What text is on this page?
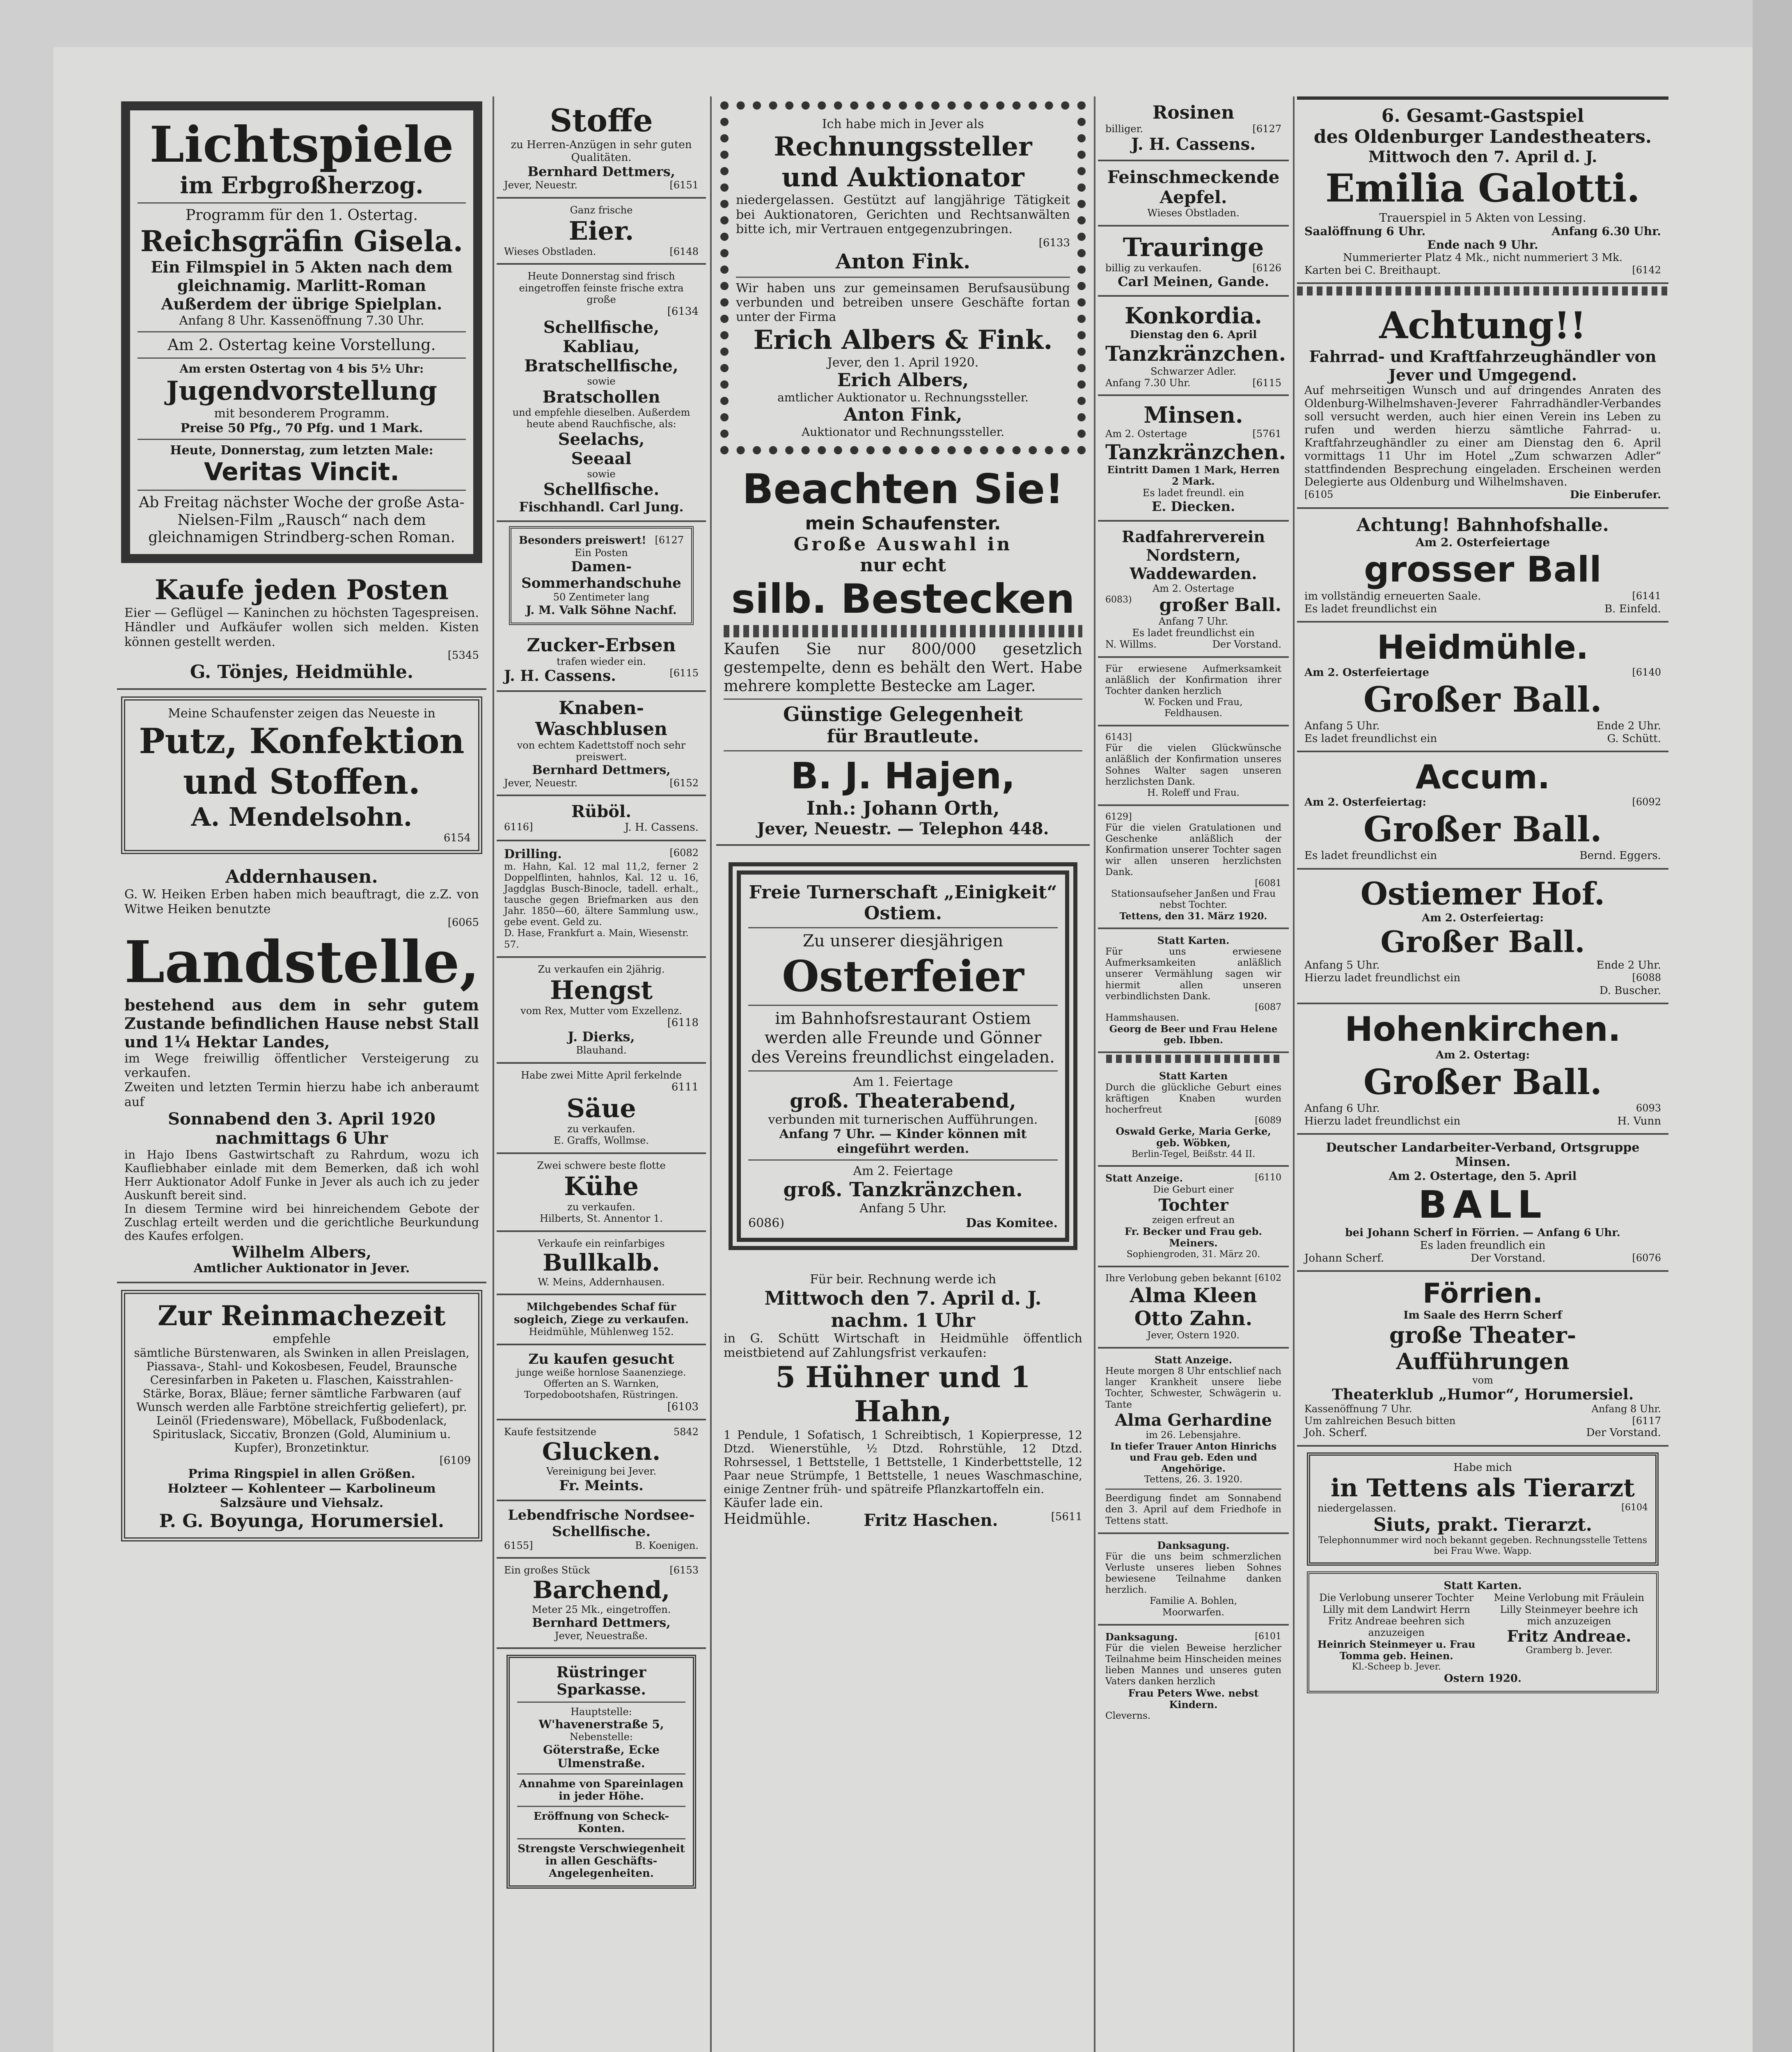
Lichtspiele
im Erbgroßherzog.
Programm für den 1. Ostertag.
Reichsgräfin Gisela.
Ein Filmspiel in 5 Akten nach dem gleichnamig. Marlitt-Roman
Außerdem der übrige Spielplan.
Anfang 8 Uhr. Kassenöffnung 7.30 Uhr.
Am 2. Ostertag keine Vorstellung.
Am ersten Ostertag von 4 bis 5½ Uhr:
Jugendvorstellung
mit besonderem Programm.
Preise 50 Pfg., 70 Pfg. und 1 Mark.
Heute, Donnerstag, zum letzten Male:
Veritas Vincit.
Ab Freitag nächster Woche der große Asta-Nielsen-Film „Rausch“ nach dem gleichnamigen Strindberg-schen Roman.
Kaufe jeden Posten
Eier — Geflügel — Kaninchen zu höchsten Tagespreisen. Händler und Aufkäufer wollen sich melden. Kisten können gestellt werden.
[5345
G. Tönjes, Heidmühle.
Meine Schaufenster zeigen das Neueste in
Putz, Konfektion
und Stoffen.
A. Mendelsohn.
6154
Addernhausen.
G. W. Heiken Erben haben mich beauftragt, die z.Z. von Witwe Heiken benutzte
[6065
Landstelle,
bestehend aus dem in sehr gutem Zustande befindlichen Hause nebst Stall und 1¼ Hektar Landes,
im Wege freiwillig öffentlicher Versteigerung zu verkaufen.
Zweiten und letzten Termin hierzu habe ich anberaumt auf
Sonnabend den 3. April 1920
nachmittags 6 Uhr
in Hajo Ibens Gastwirtschaft zu Rahrdum, wozu ich Kaufliebhaber einlade mit dem Bemerken, daß ich wohl Herr Auktionator Adolf Funke in Jever als auch ich zu jeder Auskunft bereit sind.
In diesem Termine wird bei hinreichendem Gebote der Zuschlag erteilt werden und die gerichtliche Beurkundung des Kaufes erfolgen.
Wilhelm Albers,
Amtlicher Auktionator in Jever.
Zur Reinmachezeit
empfehle
sämtliche Bürstenwaren, als Swinken in allen Preislagen, Piassava-, Stahl- und Kokosbesen, Feudel, Braunsche Ceresinfarben in Paketen u. Flaschen, Kaisstrahlen-Stärke, Borax, Bläue; ferner sämtliche Farbwaren (auf Wunsch werden alle Farbtöne streichfertig geliefert), pr. Leinöl (Friedensware), Möbellack, Fußbodenlack, Spirituslack, Siccativ, Bronzen (Gold, Aluminium u. Kupfer), Bronzetinktur.
[6109
Prima Ringspiel in allen Größen.
Holzteer — Kohlenteer — Karbolineum Salzsäure und Viehsalz.
P. G. Boyunga, Horumersiel.
Stoffe
zu Herren-Anzügen in sehr guten Qualitäten.
Bernhard Dettmers,
Jever, Neuestr.	[6151
Ganz frische
Eier.
Wieses Obstladen.	[6148
Heute Donnerstag sind frisch eingetroffen feinste frische extra große
[6134
Schellfische,
Kabliau,
Bratschellfische,
sowie
Bratschollen
und empfehle dieselben. Außerdem heute abend Rauchfische, als:
Seelachs,
Seeaal
sowie
Schellfische.
Fischhandl. Carl Jung.
Besonders preiswert! [6127
Ein Posten
Damen-Sommerhandschuhe
50 Zentimeter lang
J. M. Valk Söhne Nachf.
Zucker-Erbsen
trafen wieder ein.
J. H. Cassens.	[6115
Knaben-Waschblusen
von echtem Kadettstoff noch sehr preiswert.
Bernhard Dettmers,
Jever, Neuestr.	[6152
Rüböl.
6116]	J. H. Cassens.
Drilling.	[6082
m. Hahn, Kal. 12 mal 11,2, ferner 2 Doppelflinten, hahnlos, Kal. 12 u. 16, Jagdglas Busch-Binocle, tadell. erhalt., tausche gegen Briefmarken aus den Jahr. 1850—60, ältere Sammlung usw., gebe event. Geld zu.
D. Hase, Frankfurt a. Main, Wiesenstr. 57.
Zu verkaufen ein 2jährig.
Hengst
vom Rex, Mutter vom Exzellenz.
[6118
J. Dierks,
Blauhand.
Habe zwei Mitte April ferkelnde
6111
Säue
zu verkaufen.
E. Graffs, Wollmse.
Zwei schwere beste flotte
Kühe
zu verkaufen.
Hilberts, St. Annentor 1.
Verkaufe ein reinfarbiges
Bullkalb.
W. Meins, Addernhausen.
Milchgebendes Schaf für sogleich, Ziege zu verkaufen.
Heidmühle, Mühlenweg 152.
Zu kaufen gesucht
junge weiße hornlose Saanenziege. Offerten an S. Warnken, Torpedobootshafen, Rüstringen.
[6103
Kaufe festsitzende	5842
Glucken.
Vereinigung bei Jever.
Fr. Meints.
Lebendfrische Nordsee-Schellfische.
6155]	B. Koenigen.
Ein großes Stück	[6153
Barchend,
Meter 25 Mk., eingetroffen.
Bernhard Dettmers,
Jever, Neuestraße.
Rüstringer Sparkasse.
Hauptstelle:
W'havenerstraße 5,
Nebenstelle:
Göterstraße, Ecke Ulmenstraße.
Annahme von Spareinlagen in jeder Höhe.
Eröffnung von Scheck-Konten.
Strengste Verschwiegenheit in allen Geschäfts-Angelegenheiten.
Ich habe mich in Jever als
Rechnungssteller
und Auktionator
niedergelassen. Gestützt auf langjährige Tätigkeit bei Auktionatoren, Gerichten und Rechtsanwälten bitte ich, mir Vertrauen entgegenzubringen.
[6133
Anton Fink.
Wir haben uns zur gemeinsamen Berufsausübung verbunden und betreiben unsere Geschäfte fortan unter der Firma
Erich Albers & Fink.
Jever, den 1. April 1920.
Erich Albers,
amtlicher Auktionator u. Rechnungssteller.
Anton Fink,
Auktionator und Rechnungssteller.
Beachten Sie!
mein Schaufenster.
Große Auswahl in
nur echt
silb. Bestecken
Kaufen Sie nur 800/000 gesetzlich gestempelte, denn es behält den Wert. Habe mehrere komplette Bestecke am Lager.
Günstige Gelegenheit
für Brautleute.
B. J. Hajen,
Inh.: Johann Orth,
Jever, Neuestr. — Telephon 448.
Freie Turnerschaft „Einigkeit“ Ostiem.
Zu unserer diesjährigen
Osterfeier
im Bahnhofsrestaurant Ostiem werden alle Freunde und Gönner des Vereins freundlichst eingeladen.
Am 1. Feiertage
groß. Theaterabend,
verbunden mit turnerischen Aufführungen.
Anfang 7 Uhr. — Kinder können mit eingeführt werden.
Am 2. Feiertage
groß. Tanzkränzchen.
Anfang 5 Uhr.
6086)	Das Komitee.
Für beir. Rechnung werde ich
Mittwoch den 7. April d. J.
nachm. 1 Uhr
in G. Schütt Wirtschaft in Heidmühle öffentlich meistbietend auf Zahlungsfrist verkaufen:
5 Hühner und 1 Hahn,
1 Pendule, 1 Sofatisch, 1 Schreibtisch, 1 Kopierpresse, 12 Dtzd. Wienerstühle, ½ Dtzd. Rohrstühle, 12 Dtzd. Rohrsessel, 1 Bettstelle, 1 Bettstelle, 1 Kinderbettstelle, 12 Paar neue Strümpfe, 1 Bettstelle, 1 neues Waschmaschine, einige Zentner früh- und spätreife Pflanzkartoffeln ein.
Käufer lade ein.
Heidmühle.	Fritz Haschen.	[5611
Rosinen
billiger.	[6127
J. H. Cassens.
Feinschmeckende Aepfel.
Wieses Obstladen.
Trauringe
billig zu verkaufen.	[6126
Carl Meinen, Gande.
Konkordia.
Dienstag den 6. April
Tanzkränzchen.
Schwarzer Adler.
Anfang 7.30 Uhr.	[6115
Minsen.
Am 2. Ostertage	[5761
Tanzkränzchen.
Eintritt Damen 1 Mark, Herren 2 Mark.
Es ladet freundl. ein
E. Diecken.
Radfahrerverein Nordstern, Waddewarden.
Am 2. Ostertage
6083) großer Ball.
Anfang 7 Uhr.
Es ladet freundlichst ein
N. Willms.	Der Vorstand.
Für erwiesene Aufmerksamkeit anläßlich der Konfirmation ihrer Tochter danken herzlich
W. Focken und Frau,
Feldhausen.
6143]
Für die vielen Glückwünsche anläßlich der Konfirmation unseres Sohnes Walter sagen unseren herzlichsten Dank.
H. Roleff und Frau.
6129]
Für die vielen Gratulationen und Geschenke anläßlich der Konfirmation unserer Tochter sagen wir allen unseren herzlichsten Dank.
[6081
Stationsaufseher Janßen und Frau nebst Tochter.
Tettens, den 31. März 1920.
Statt Karten.
Für uns erwiesene Aufmerksamkeiten anläßlich unserer Vermählung sagen wir hiermit allen unseren verbindlichsten Dank.
[6087
Hammshausen.
Georg de Beer und Frau Helene geb. Ibben.
Statt Karten
Durch die glückliche Geburt eines kräftigen Knaben wurden hocherfreut
[6089
Oswald Gerke, Maria Gerke, geb. Wöbken,
Berlin-Tegel, Beißstr. 44 II.
Statt Anzeige.	[6110
Die Geburt einer
Tochter
zeigen erfreut an
Fr. Becker und Frau geb. Meiners.
Sophiengroden, 31. März 20.
Ihre Verlobung geben bekannt [6102
Alma Kleen
Otto Zahn.
Jever, Ostern 1920.
Statt Anzeige.
Heute morgen 8 Uhr entschlief nach langer Krankheit unsere liebe Tochter, Schwester, Schwägerin u. Tante
Alma Gerhardine
im 26. Lebensjahre.
In tiefer Trauer Anton Hinrichs und Frau geb. Eden und Angehörige.
Tettens, 26. 3. 1920.
Beerdigung findet am Sonnabend den 3. April auf dem Friedhofe in Tettens statt.
Danksagung.
Für die uns beim schmerzlichen Verluste unseres lieben Sohnes bewiesene Teilnahme danken herzlich.
Familie A. Bohlen,
Moorwarfen.
Danksagung.	[6101
Für die vielen Beweise herzlicher Teilnahme beim Hinscheiden meines lieben Mannes und unseres guten Vaters danken herzlich
Frau Peters Wwe. nebst Kindern.
Cleverns.
6. Gesamt-Gastspiel
des Oldenburger Landestheaters.
Mittwoch den 7. April d. J.
Emilia Galotti.
Trauerspiel in 5 Akten von Lessing.
Saalöffnung 6 Uhr.	Anfang 6.30 Uhr.
Ende nach 9 Uhr.
Nummerierter Platz 4 Mk., nicht nummeriert 3 Mk.
Karten bei C. Breithaupt.	[6142
Achtung!!
Fahrrad- und Kraftfahrzeughändler von Jever und Umgegend.
Auf mehrseitigen Wunsch und auf dringendes Anraten des Oldenburg-Wilhelmshaven-Jeverer Fahrradhändler-Verbandes soll versucht werden, auch hier einen Verein ins Leben zu rufen und werden hierzu sämtliche Fahrrad- u. Kraftfahrzeughändler zu einer am Dienstag den 6. April vormittags 11 Uhr im Hotel „Zum schwarzen Adler“ stattfindenden Besprechung eingeladen. Erscheinen werden Delegierte aus Oldenburg und Wilhelmshaven.
[6105	Die Einberufer.
Achtung! Bahnhofshalle.
Am 2. Osterfeiertage
grosser Ball
im vollständig erneuerten Saale.	[6141
Es ladet freundlichst ein	B. Einfeld.
Heidmühle.
Am 2. Osterfeiertage	[6140
Großer Ball.
Anfang 5 Uhr.	Ende 2 Uhr.
Es ladet freundlichst ein	G. Schütt.
Accum.
Am 2. Osterfeiertag:	[6092
Großer Ball.
Es ladet freundlichst ein	Bernd. Eggers.
Ostiemer Hof.
Am 2. Osterfeiertag:
Großer Ball.
Anfang 5 Uhr.	Ende 2 Uhr.
Hierzu ladet freundlichst ein	[6088
D. Buscher.
Hohenkirchen.
Am 2. Ostertag:
Großer Ball.
Anfang 6 Uhr.	6093
Hierzu ladet freundlichst ein	H. Vunn
Deutscher Landarbeiter-Verband, Ortsgruppe Minsen.
Am 2. Ostertage, den 5. April
BALL
bei Johann Scherf in Förrien. — Anfang 6 Uhr.
Es laden freundlich ein
Johann Scherf.	Der Vorstand.	[6076
Förrien.
Im Saale des Herrn Scherf
große Theater-Aufführungen
vom
Theaterklub „Humor“, Horumersiel.
Kassenöffnung 7 Uhr.	Anfang 8 Uhr.
Um zahlreichen Besuch bitten	[6117
Joh. Scherf.	Der Vorstand.
Habe mich
in Tettens als Tierarzt
niedergelassen.	[6104
Siuts, prakt. Tierarzt.
Telephonnummer wird noch bekannt gegeben. Rechnungsstelle Tettens bei Frau Wwe. Wapp.
Statt Karten.
Die Verlobung unserer Tochter Lilly mit dem Landwirt Herrn Fritz Andreae beehren sich anzuzeigen
Heinrich Steinmeyer u. Frau Tomma geb. Heinen.
Kl.-Scheep b. Jever.
Meine Verlobung mit Fräulein Lilly Steinmeyer beehre ich mich anzuzeigen
Fritz Andreae.
Gramberg b. Jever.
Ostern 1920.
